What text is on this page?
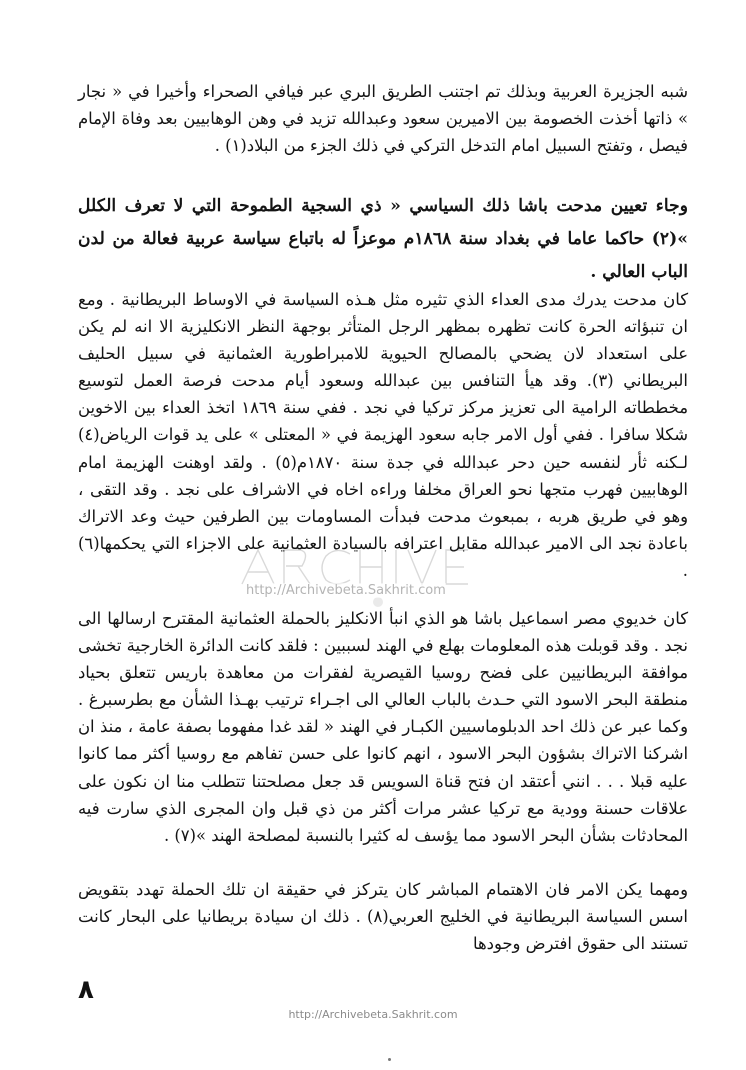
شبه الجزيرة العربية وبذلك تم اجتنب الطريق البري عبر فيافي الصحراء وأخيرا في « نجار » ذاتها أخذت الخصومة بين الاميرين سعود وعبدالله تزيد في وهن الوهابيين بعد وفاة الإمام فيصل ، وتفتح السبيل امام التدخل التركي في ذلك الجزء من البلاد(١) .

وجاء تعيين مدحت باشا ذلك السياسي « ذي السجية الطموحة التي لا تعرف الكلل »(٢) حاكما عاما في بغداد سنة ١٨٦٨م موعزاً له باتباع سياسة عربية فعالة من لدن الباب العالي .

كان مدحت يدرك مدى العداء الذي تثيره مثل هـذه السياسة في الاوساط البريطانية . ومع ان تنبؤاته الحرة كانت تظهره بمظهر الرجل المتأثر بوجهة النظر الانكليزية الا انه لم يكن على استعداد لان يضحي بالمصالح الحيوية للامبراطورية العثمانية في سبيل الحليف البريطاني (٣). وقد هيأ التنافس بين عبدالله وسعود أيام مدحت فرصة العمل لتوسيع مخططاته الرامية الى تعزيز مركز تركيا في نجد . ففي سنة ١٨٦٩ اتخذ العداء بين الاخوين شكلا سافرا . ففي أول الامر جابه سعود الهزيمة في « المعتلى » على يد قوات الرياض(٤) لـكنه ثأر لنفسه حين دحر عبدالله في جدة سنة ١٨٧٠م(٥) . ولقد اوهنت الهزيمة امام الوهابيين فهرب متجها نحو العراق مخلفا وراءه اخاه في الاشراف على نجد . وقد التقى ، وهو في طريق هربه ، بمبعوث مدحت فبدأت المساومات بين الطرفين حيث وعد الاتراك باعادة نجد الى الامير عبدالله مقابل اعترافه بالسيادة العثمانية على الاجزاء التي يحكمها(٦) .

كان خديوي مصر اسماعيل باشا هو الذي انبأ الانكليز بالحملة العثمانية المقترح ارسالها الى نجد . وقد قوبلت هذه المعلومات بهلع في الهند لسببين : فلقد كانت الدائرة الخارجية تخشى موافقة البريطانيين على فضح روسيا القيصرية لفقرات من معاهدة باريس تتعلق بحياد منطقة البحر الاسود التي حـدث بالباب العالي الى اجـراء ترتيب بهـذا الشأن مع بطرسبرغ . وكما عبر عن ذلك احد الدبلوماسيين الكبـار في الهند « لقد غدا مفهوما بصفة عامة ، منذ ان اشركنا الاتراك بشؤون البحر الاسود ، انهم كانوا على حسن تفاهم مع روسيا أكثر مما كانوا عليه قبلا . . . انني أعتقد ان فتح قناة السويس قد جعل مصلحتنا تتطلب منا ان نكون على علاقات حسنة وودية مع تركيا عشر مرات أكثر من ذي قبل وان المجرى الذي سارت فيه المحادثات بشأن البحر الاسود مما يؤسف له كثيرا بالنسبة لمصلحة الهند »(٧) .

ومهما يكن الامر فان الاهتمام المباشر كان يتركز في حقيقة ان تلك الحملة تهدد بتقويض اسس السياسة البريطانية في الخليج العربي(٨) . ذلك ان سيادة بريطانيا على البحار كانت تستند الى حقوق افترض وجودها

http://Archivebeta.Sakhrit.com
٨
http://Archivebeta.Sakhrit.com
